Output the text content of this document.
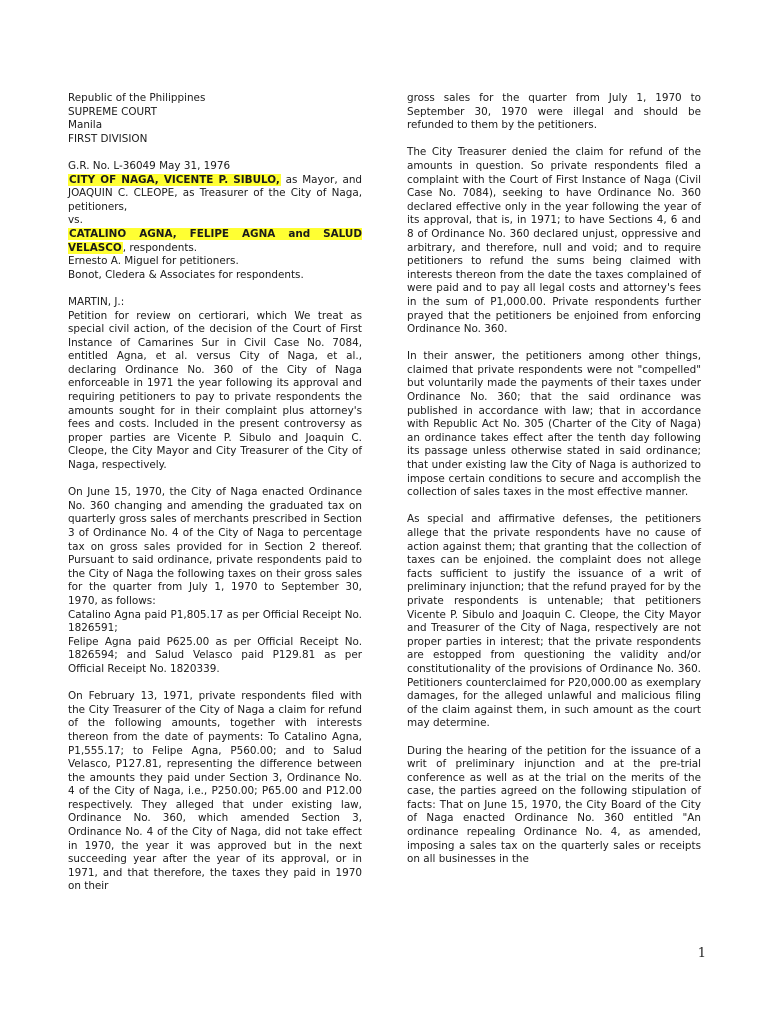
Republic of the Philippines

SUPREME COURT

Manila

FIRST DIVISION

G.R. No. L-36049 May 31, 1976

CITY OF NAGA, VICENTE P. SIBULO, as Mayor, and JOAQUIN C. CLEOPE, as Treasurer of the City of Naga, petitioners,

vs.

CATALINO AGNA, FELIPE AGNA and SALUD VELASCO, respondents.

Ernesto A. Miguel for petitioners.

Bonot, Cledera & Associates for respondents.

MARTIN, J.:

Petition for review on certiorari, which We treat as special civil action, of the decision of the Court of First Instance of Camarines Sur in Civil Case No. 7084, entitled Agna, et al. versus City of Naga, et al., declaring Ordinance No. 360 of the City of Naga enforceable in 1971 the year following its approval and requiring petitioners to pay to private respondents the amounts sought for in their complaint plus attorney's fees and costs. Included in the present controversy as proper parties are Vicente P. Sibulo and Joaquin C. Cleope, the City Mayor and City Treasurer of the City of Naga, respectively.

On June 15, 1970, the City of Naga enacted Ordinance No. 360 changing and amending the graduated tax on quarterly gross sales of merchants prescribed in Section 3 of Ordinance No. 4 of the City of Naga to percentage tax on gross sales provided for in Section 2 thereof. Pursuant to said ordinance, private respondents paid to the City of Naga the following taxes on their gross sales for the quarter from July 1, 1970 to September 30, 1970, as follows:

Catalino Agna paid P1,805.17 as per Official Receipt No. 1826591;

Felipe Agna paid P625.00 as per Official Receipt No. 1826594; and Salud Velasco paid P129.81 as per Official Receipt No. 1820339.

On February 13, 1971, private respondents filed with the City Treasurer of the City of Naga a claim for refund of the following amounts, together with interests thereon from the date of payments: To Catalino Agna, P1,555.17; to Felipe Agna, P560.00; and to Salud Velasco, P127.81, representing the difference between the amounts they paid under Section 3, Ordinance No. 4 of the City of Naga, i.e., P250.00; P65.00 and P12.00 respectively. They alleged that under existing law, Ordinance No. 360, which amended Section 3, Ordinance No. 4 of the City of Naga, did not take effect in 1970, the year it was approved but in the next succeeding year after the year of its approval, or in 1971, and that therefore, the taxes they paid in 1970 on their

gross sales for the quarter from July 1, 1970 to September 30, 1970 were illegal and should be refunded to them by the petitioners.

The City Treasurer denied the claim for refund of the amounts in question. So private respondents filed a complaint with the Court of First Instance of Naga (Civil Case No. 7084), seeking to have Ordinance No. 360 declared effective only in the year following the year of its approval, that is, in 1971; to have Sections 4, 6 and 8 of Ordinance No. 360 declared unjust, oppressive and arbitrary, and therefore, null and void; and to require petitioners to refund the sums being claimed with interests thereon from the date the taxes complained of were paid and to pay all legal costs and attorney's fees in the sum of P1,000.00. Private respondents further prayed that the petitioners be enjoined from enforcing Ordinance No. 360.

In their answer, the petitioners among other things, claimed that private respondents were not "compelled" but voluntarily made the payments of their taxes under Ordinance No. 360; that the said ordinance was published in accordance with law; that in accordance with Republic Act No. 305 (Charter of the City of Naga) an ordinance takes effect after the tenth day following its passage unless otherwise stated in said ordinance; that under existing law the City of Naga is authorized to impose certain conditions to secure and accomplish the collection of sales taxes in the most effective manner.

As special and affirmative defenses, the petitioners allege that the private respondents have no cause of action against them; that granting that the collection of taxes can be enjoined. the complaint does not allege facts sufficient to justify the issuance of a writ of preliminary injunction; that the refund prayed for by the private respondents is untenable; that petitioners Vicente P. Sibulo and Joaquin C. Cleope, the City Mayor and Treasurer of the City of Naga, respectively are not proper parties in interest; that the private respondents are estopped from questioning the validity and/or constitutionality of the provisions of Ordinance No. 360. Petitioners counterclaimed for P20,000.00 as exemplary damages, for the alleged unlawful and malicious filing of the claim against them, in such amount as the court may determine.

During the hearing of the petition for the issuance of a writ of preliminary injunction and at the pre-trial conference as well as at the trial on the merits of the case, the parties agreed on the following stipulation of facts: That on June 15, 1970, the City Board of the City of Naga enacted Ordinance No. 360 entitled "An ordinance repealing Ordinance No. 4, as amended, imposing a sales tax on the quarterly sales or receipts on all businesses in the

1
